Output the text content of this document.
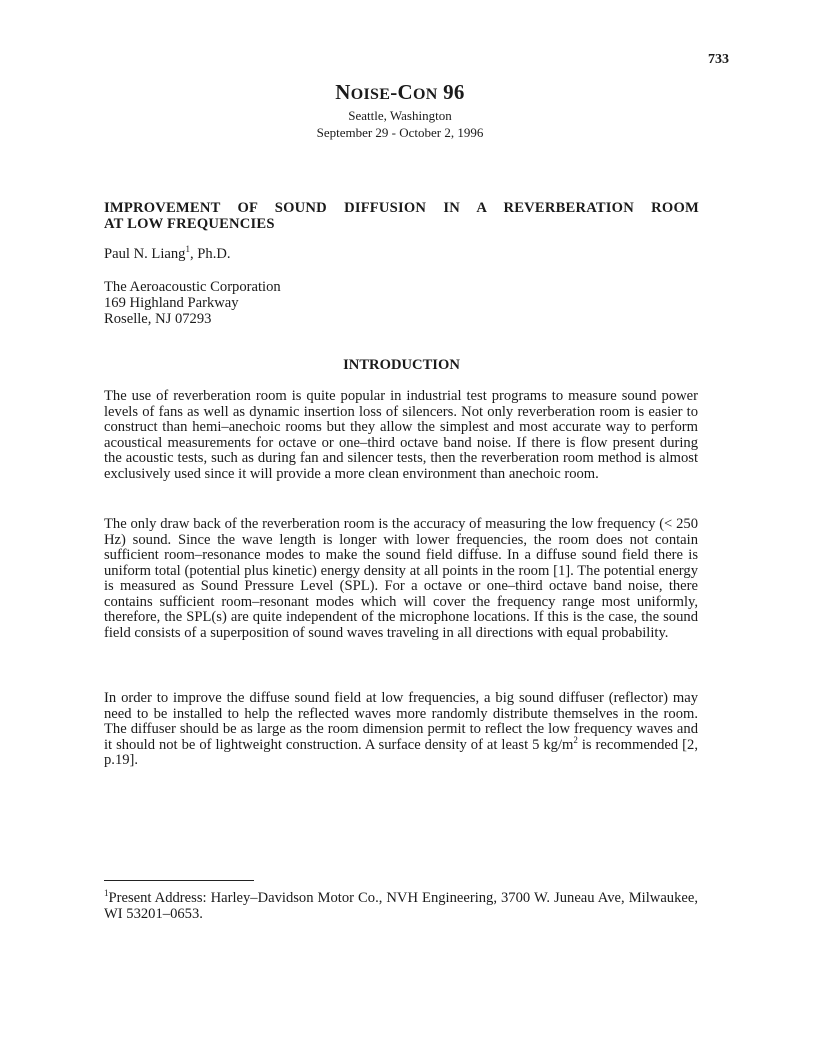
733
NOISE-CON 96
Seattle, Washington
September 29 - October 2, 1996
IMPROVEMENT OF SOUND DIFFUSION IN A REVERBERATION ROOM
AT LOW FREQUENCIES
Paul N. Liang$^1$, Ph.D.
The Aeroacoustic Corporation
169 Highland Parkway
Roselle, NJ 07293
INTRODUCTION
The use of reverberation room is quite popular in industrial test programs to measure sound power levels of fans as well as dynamic insertion loss of silencers. Not only reverberation room is easier to construct than hemi–anechoic rooms but they allow the simplest and most accurate way to perform acoustical measurements for octave or one–third octave band noise. If there is flow present during the acoustic tests, such as during fan and silencer tests, then the reverberation room method is almost exclusively used since it will provide a more clean environment than anechoic room.
The only draw back of the reverberation room is the accuracy of measuring the low frequency (< 250 Hz) sound. Since the wave length is longer with lower frequencies, the room does not contain sufficient room–resonance modes to make the sound field diffuse. In a diffuse sound field there is uniform total (potential plus kinetic) energy density at all points in the room [1]. The potential energy is measured as Sound Pressure Level (SPL). For a octave or one–third octave band noise, there contains sufficient room–resonant modes which will cover the frequency range most uniformly, therefore, the SPL(s) are quite independent of the microphone locations. If this is the case, the sound field consists of a superposition of sound waves traveling in all directions with equal probability.
In order to improve the diffuse sound field at low frequencies, a big sound diffuser (reflector) may need to be installed to help the reflected waves more randomly distribute themselves in the room. The diffuser should be as large as the room dimension permit to reflect the low frequency waves and it should not be of lightweight construction. A surface density of at least 5 $kg/m^2$ is recommended [2, p.19].
$^1$Present Address: Harley–Davidson Motor Co., NVH Engineering, 3700 W. Juneau Ave, Milwaukee, WI 53201–0653.
